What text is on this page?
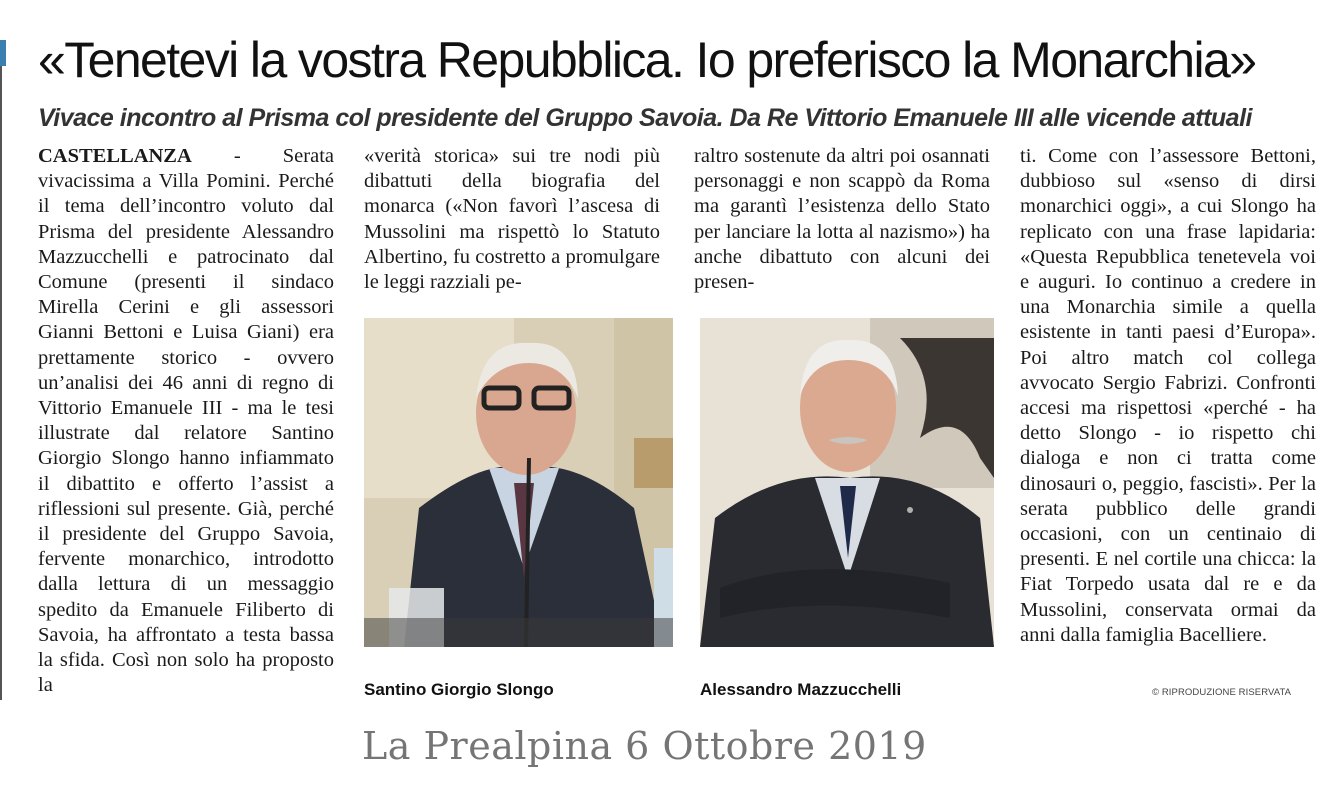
«Tenetevi la vostra Repubblica. Io preferisco la Monarchia»
Vivace incontro al Prisma col presidente del Gruppo Savoia. Da Re Vittorio Emanuele III alle vicende attuali

CASTELLANZA - Serata vivacissima a Villa Pomini. Perché il tema dell’incontro voluto dal Prisma del presidente Alessandro Mazzucchelli e patrocinato dal Comune (presenti il sindaco Mirella Cerini e gli assessori Gianni Bettoni e Luisa Giani) era prettamente storico - ovvero un’analisi dei 46 anni di regno di Vittorio Emanuele III - ma le tesi illustrate dal relatore Santino Giorgio Slongo hanno infiammato il dibattito e offerto l’assist a riflessioni sul presente. Già, perché il presidente del Gruppo Savoia, fervente monarchico, introdotto dalla lettura di un messaggio spedito da Emanuele Filiberto di Savoia, ha affrontato a testa bassa la sfida. Così non solo ha proposto la

«verità storica» sui tre nodi più dibattuti della biografia del monarca («Non favorì l’ascesa di Mussolini ma rispettò lo Statuto Albertino, fu costretto a promulgare le leggi razziali pe-

raltro sostenute da altri poi osannati personaggi e non scappò da Roma ma garantì l’esistenza dello Stato per lanciare la lotta al nazismo») ha anche dibattuto con alcuni dei presen-

ti. Come con l’assessore Bettoni, dubbioso sul «senso di dirsi monarchici oggi», a cui Slongo ha replicato con una frase lapidaria: «Questa Repubblica tenetevela voi e auguri. Io continuo a credere in una Monarchia simile a quella esistente in tanti paesi d’Europa». Poi altro match col collega avvocato Sergio Fabrizi. Confronti accesi ma rispettosi «perché - ha detto Slongo - io rispetto chi dialoga e non ci tratta come dinosauri o, peggio, fascisti». Per la serata pubblico delle grandi occasioni, con un centinaio di presenti. E nel cortile una chicca: la Fiat Torpedo usata dal re e da Mussolini, conservata ormai da anni dalla famiglia Bacelliere.

Santino Giorgio Slongo	Alessandro Mazzucchelli	© RIPRODUZIONE RISERVATA
La Prealpina 6 Ottobre 2019
